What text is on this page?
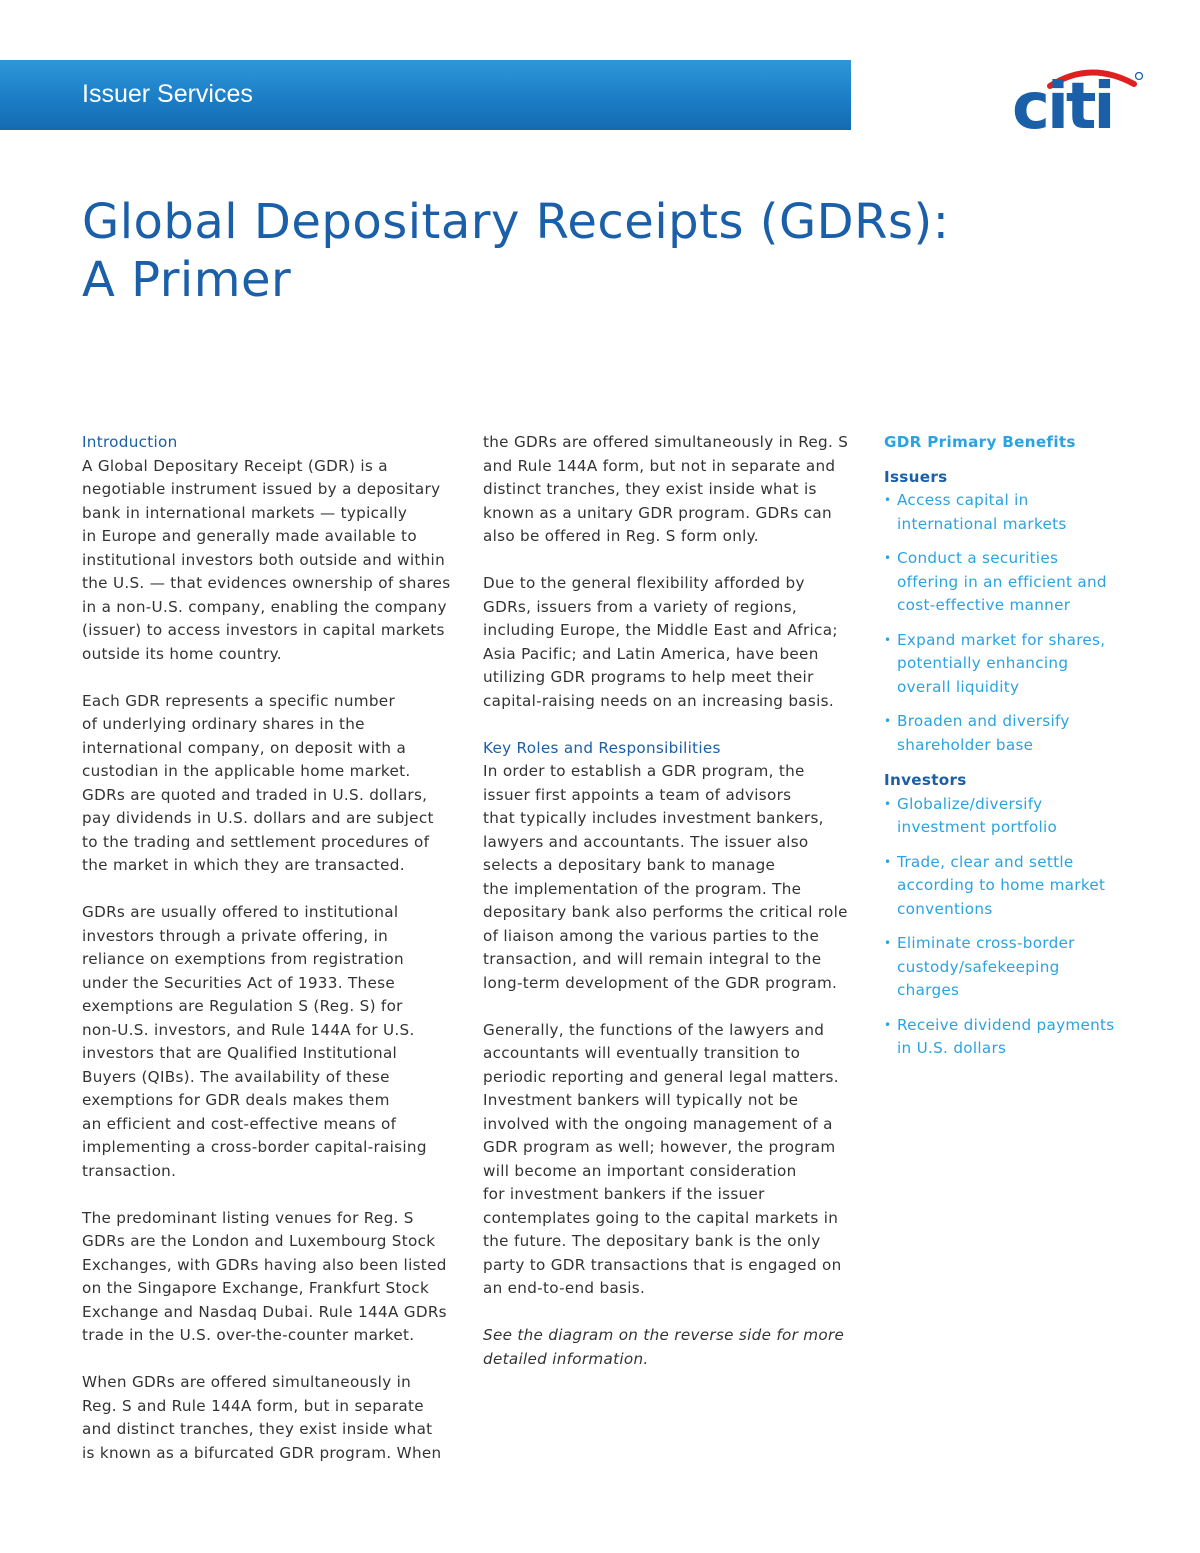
Issuer Services	citi
Global Depositary Receipts (GDRs):
A Primer
Introduction

A Global Depositary Receipt (GDR) is a
negotiable instrument issued by a depositary
bank in international markets — typically
in Europe and generally made available to
institutional investors both outside and within
the U.S. — that evidences ownership of shares
in a non-U.S. company, enabling the company
(issuer) to access investors in capital markets
outside its home country.

Each GDR represents a specific number
of underlying ordinary shares in the
international company, on deposit with a
custodian in the applicable home market.
GDRs are quoted and traded in U.S. dollars,
pay dividends in U.S. dollars and are subject
to the trading and settlement procedures of
the market in which they are transacted.

GDRs are usually offered to institutional
investors through a private offering, in
reliance on exemptions from registration
under the Securities Act of 1933. These
exemptions are Regulation S (Reg. S) for
non-U.S. investors, and Rule 144A for U.S.
investors that are Qualified Institutional
Buyers (QIBs). The availability of these
exemptions for GDR deals makes them
an efficient and cost-effective means of
implementing a cross-border capital-raising
transaction.

The predominant listing venues for Reg. S
GDRs are the London and Luxembourg Stock
Exchanges, with GDRs having also been listed
on the Singapore Exchange, Frankfurt Stock
Exchange and Nasdaq Dubai. Rule 144A GDRs
trade in the U.S. over-the-counter market.

When GDRs are offered simultaneously in
Reg. S and Rule 144A form, but in separate
and distinct tranches, they exist inside what
is known as a bifurcated GDR program. When

the GDRs are offered simultaneously in Reg. S
and Rule 144A form, but not in separate and
distinct tranches, they exist inside what is
known as a unitary GDR program. GDRs can
also be offered in Reg. S form only.

Due to the general flexibility afforded by
GDRs, issuers from a variety of regions,
including Europe, the Middle East and Africa;
Asia Pacific; and Latin America, have been
utilizing GDR programs to help meet their
capital-raising needs on an increasing basis.

Key Roles and Responsibilities

In order to establish a GDR program, the
issuer first appoints a team of advisors
that typically includes investment bankers,
lawyers and accountants. The issuer also
selects a depositary bank to manage
the implementation of the program. The
depositary bank also performs the critical role
of liaison among the various parties to the
transaction, and will remain integral to the
long-term development of the GDR program.

Generally, the functions of the lawyers and
accountants will eventually transition to
periodic reporting and general legal matters.
Investment bankers will typically not be
involved with the ongoing management of a
GDR program as well; however, the program
will become an important consideration
for investment bankers if the issuer
contemplates going to the capital markets in
the future. The depositary bank is the only
party to GDR transactions that is engaged on
an end-to-end basis.

See the diagram on the reverse side for more
detailed information.

GDR Primary Benefits
Issuers
• Access capital in
international markets
• Conduct a securities
offering in an efficient and
cost-effective manner
• Expand market for shares,
potentially enhancing
overall liquidity
• Broaden and diversify
shareholder base
Investors
• Globalize/diversify
investment portfolio
• Trade, clear and settle
according to home market
conventions
• Eliminate cross-border
custody/safekeeping
charges
• Receive dividend payments
in U.S. dollars
